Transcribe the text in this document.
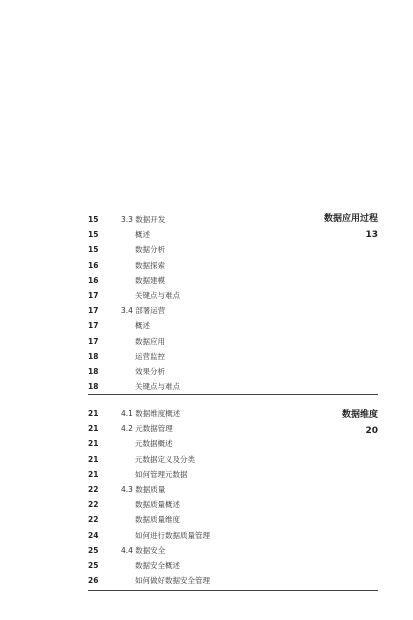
数据应用过程
13
15	3.3 数据开发
15	概述
15	数据分析
16	数据探索
16	数据建模
17	关键点与难点
17	3.4 部署运营
17	概述
17	数据应用
18	运营监控
18	效果分析
18	关键点与难点
数据维度
20
21	4.1 数据维度概述
21	4.2 元数据管理
21	元数据概述
21	元数据定义及分类
21	如何管理元数据
22	4.3 数据质量
22	数据质量概述
22	数据质量维度
24	如何进行数据质量管理
25	4.4 数据安全
25	数据安全概述
26	如何做好数据安全管理
